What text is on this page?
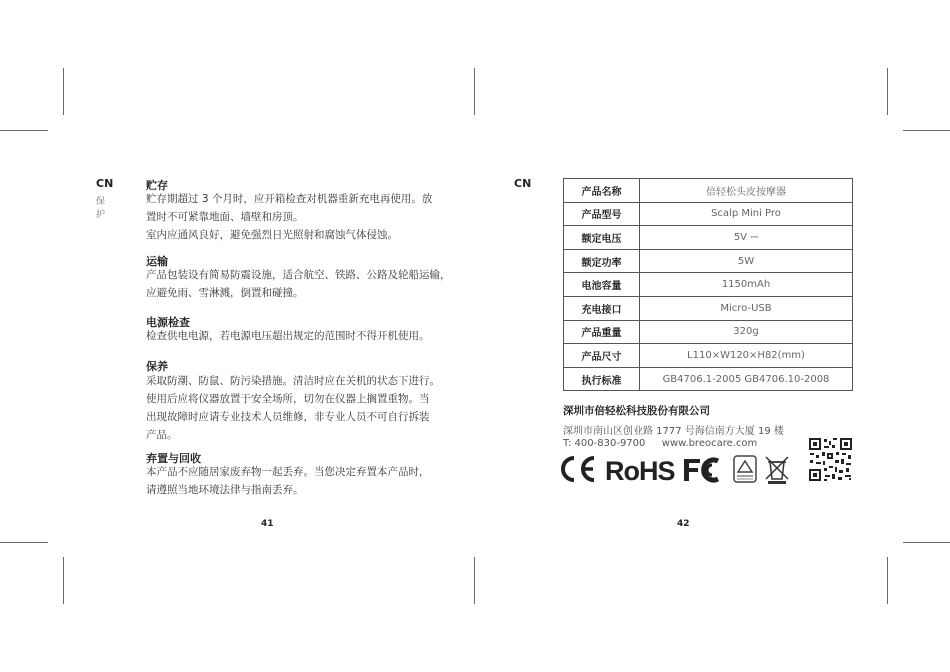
CN
保
护
贮存
贮存期超过 3 个月时，应开箱检查对机器重新充电再使用。放
置时不可紧靠地面、墙壁和房顶。
室内应通风良好，避免强烈日光照射和腐蚀气体侵蚀。
运输
产品包装设有简易防震设施，适合航空、铁路、公路及轮船运输，
应避免雨、雪淋溅，倒置和碰撞。
电源检查
检查供电电源，若电源电压超出规定的范围时不得开机使用。
保养
采取防潮、防鼠、防污染措施。清洁时应在关机的状态下进行。
使用后应将仪器放置于安全场所，切勿在仪器上搁置重物。当
出现故障时应请专业技术人员维修，非专业人员不可自行拆装
产品。
弃置与回收
本产品不应随居家废弃物一起丢弃。当您决定弃置本产品时，
请遵照当地环境法律与指南丢弃。
41
CN
产品名称	倍轻松头皮按摩器
产品型号	Scalp Mini Pro
额定电压	5V ⎓
额定功率	5W
电池容量	1150mAh
充电接口	Micro-USB
产品重量	320g
产品尺寸	L110×W120×H82(mm)
执行标准	GB4706.1-2005 GB4706.10-2008
深圳市倍轻松科技股份有限公司
深圳市南山区创业路 1777 号海信南方大厦 19 楼
T: 400-830-9700 www.breocare.com
RoHS
42
